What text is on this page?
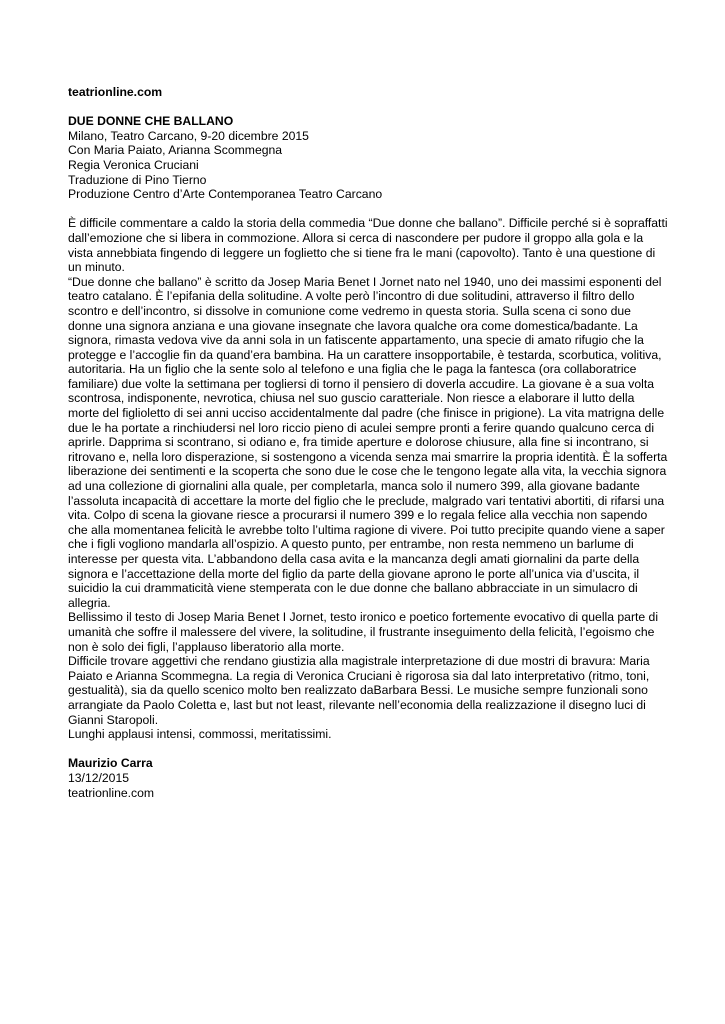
teatrionline.com

DUE DONNE CHE BALLANO

Milano, Teatro Carcano, 9-20 dicembre 2015

Con Maria Paiato, Arianna Scommegna

Regia Veronica Cruciani

Traduzione di Pino Tierno

Produzione Centro d’Arte Contemporanea Teatro Carcano

È difficile commentare a caldo la storia della commedia “Due donne che ballano”. Difficile perché si è sopraffatti dall’emozione che si libera in commozione. Allora si cerca di nascondere per pudore il groppo alla gola e la vista annebbiata fingendo di leggere un foglietto che si tiene fra le mani (capovolto). Tanto è una questione di un minuto.

“Due donne che ballano” è scritto da Josep Maria Benet I Jornet nato nel 1940, uno dei massimi esponenti del teatro catalano. È l’epifania della solitudine. A volte però l’incontro di due solitudini, attraverso il filtro dello scontro e dell’incontro, si dissolve in comunione come vedremo in questa storia. Sulla scena ci sono due donne una signora anziana e una giovane insegnate che lavora qualche ora come domestica/badante. La signora, rimasta vedova vive da anni sola in un fatiscente appartamento, una specie di amato rifugio che la protegge e l’accoglie fin da quand’era bambina. Ha un carattere insopportabile, è testarda, scorbutica, volitiva, autoritaria. Ha un figlio che la sente solo al telefono e una figlia che le paga la fantesca (ora collaboratrice familiare) due volte la settimana per togliersi di torno il pensiero di doverla accudire. La giovane è a sua volta scontrosa, indisponente, nevrotica, chiusa nel suo guscio caratteriale. Non riesce a elaborare il lutto della morte del figlioletto di sei anni ucciso accidentalmente dal padre (che finisce in prigione). La vita matrigna delle due le ha portate a rinchiudersi nel loro riccio pieno di aculei sempre pronti a ferire quando qualcuno cerca di aprirle. Dapprima si scontrano, si odiano e, fra timide aperture e dolorose chiusure, alla fine si incontrano, si ritrovano e, nella loro disperazione, si sostengono a vicenda senza mai smarrire la propria identità. È la sofferta liberazione dei sentimenti e la scoperta che sono due le cose che le tengono legate alla vita, la vecchia signora ad una collezione di giornalini alla quale, per completarla, manca solo il numero 399, alla giovane badante l’assoluta incapacità di accettare la morte del figlio che le preclude, malgrado vari tentativi abortiti, di rifarsi una vita. Colpo di scena la giovane riesce a procurarsi il numero 399 e lo regala felice alla vecchia non sapendo che alla momentanea felicità le avrebbe tolto l’ultima ragione di vivere. Poi tutto precipite quando viene a saper che i figli vogliono mandarla all’ospizio. A questo punto, per entrambe, non resta nemmeno un barlume di interesse per questa vita. L’abbandono della casa avita e la mancanza degli amati giornalini da parte della signora e l’accettazione della morte del figlio da parte della giovane aprono le porte all’unica via d’uscita, il suicidio la cui drammaticità viene stemperata con le due donne che ballano abbracciate in un simulacro di allegria.

Bellissimo il testo di Josep Maria Benet I Jornet, testo ironico e poetico fortemente evocativo di quella parte di umanità che soffre il malessere del vivere, la solitudine, il frustrante inseguimento della felicità, l’egoismo che non è solo dei figli, l’applauso liberatorio alla morte.

Difficile trovare aggettivi che rendano giustizia alla magistrale interpretazione di due mostri di bravura: Maria Paiato e Arianna Scommegna. La regia di Veronica Cruciani è rigorosa sia dal lato interpretativo (ritmo, toni, gestualità), sia da quello scenico molto ben realizzato daBarbara Bessi. Le musiche sempre funzionali sono arrangiate da Paolo Coletta e, last but not least, rilevante nell’economia della realizzazione il disegno luci di Gianni Staropoli.

Lunghi applausi intensi, commossi, meritatissimi.

Maurizio Carra

13/12/2015

teatrionline.com
